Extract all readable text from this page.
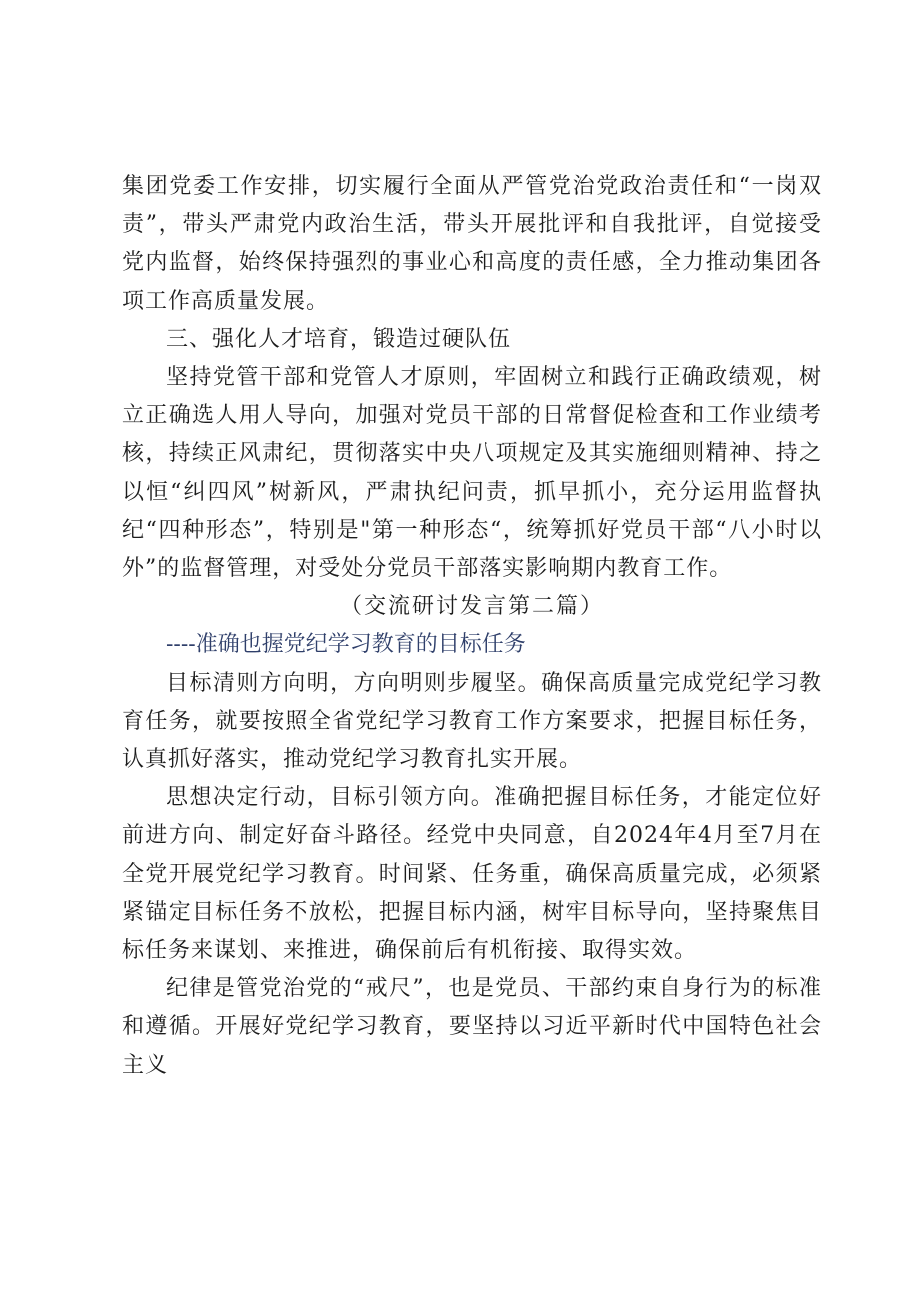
集团党委工作安排，切实履行全面从严管党治党政治责任和“一岗双责”，带头严肃党内政治生活，带头开展批评和自我批评，自觉接受党内监督，始终保持强烈的事业心和高度的责任感，全力推动集团各项工作高质量发展。

三、强化人才培育，锻造过硬队伍

坚持党管干部和党管人才原则，牢固树立和践行正确政绩观，树立正确选人用人导向，加强对党员干部的日常督促检查和工作业绩考核，持续正风肃纪，贯彻落实中央八项规定及其实施细则精神、持之以恒“纠四风”树新风，严肃执纪问责，抓早抓小，充分运用监督执纪“四种形态”，特别是"第一种形态“，统筹抓好党员干部“八小时以外”的监督管理，对受处分党员干部落实影响期内教育工作。

（交流研讨发言第二篇）

----准确也握党纪学习教育的目标任务

目标清则方向明，方向明则步履坚。确保高质量完成党纪学习教育任务，就要按照全省党纪学习教育工作方案要求，把握目标任务，认真抓好落实，推动党纪学习教育扎实开展。

思想决定行动，目标引领方向。准确把握目标任务，才能定位好前进方向、制定好奋斗路径。经党中央同意，自2024年4月至7月在全党开展党纪学习教育。时间紧、任务重，确保高质量完成，必须紧紧锚定目标任务不放松，把握目标内涵，树牢目标导向，坚持聚焦目标任务来谋划、来推进，确保前后有机衔接、取得实效。

纪律是管党治党的“戒尺”，也是党员、干部约束自身行为的标准和遵循。开展好党纪学习教育，要坚持以习近平新时代中国特色社会主义
